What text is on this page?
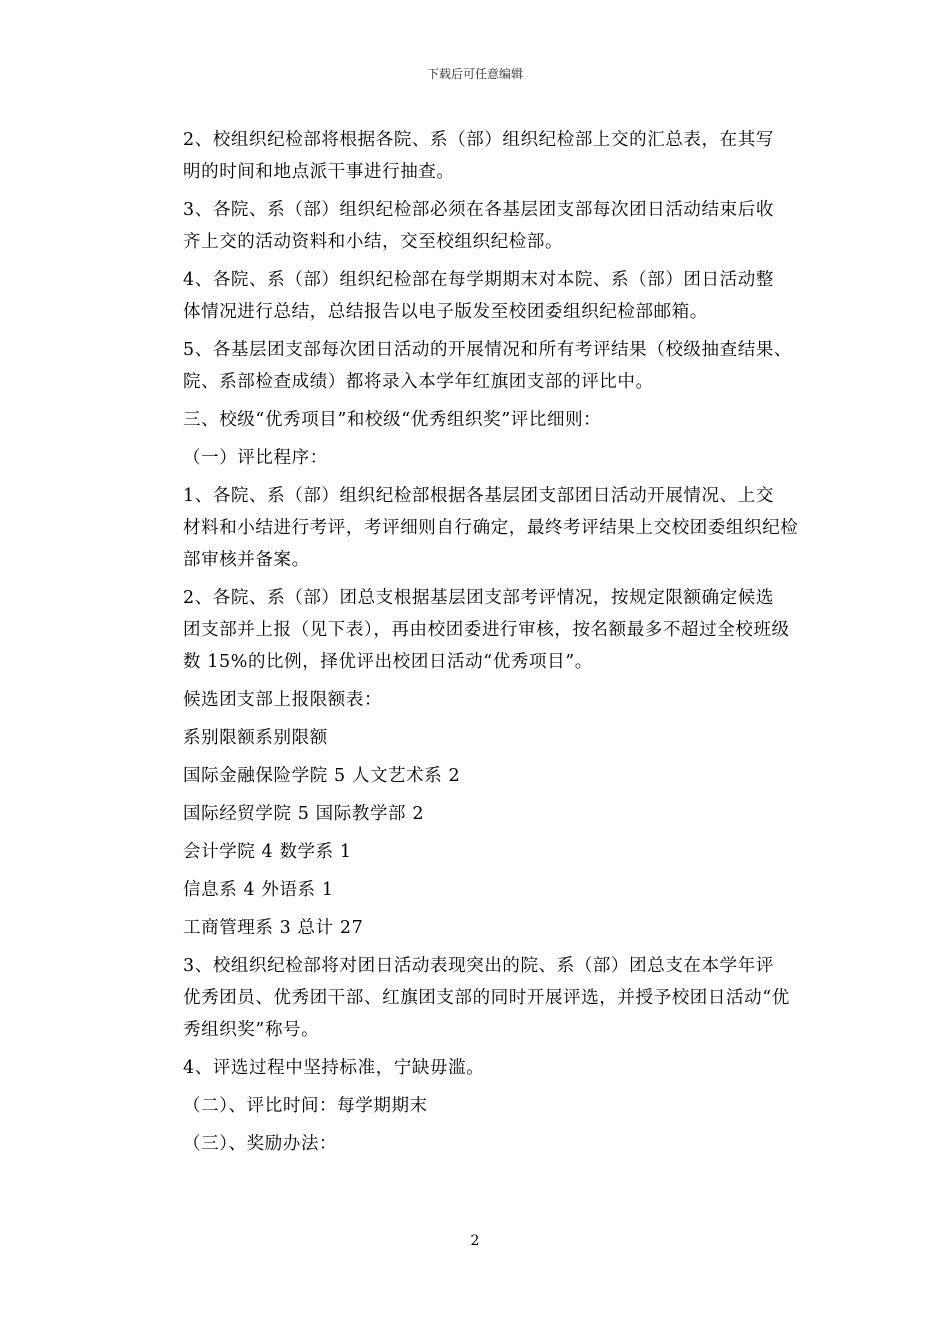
下载后可任意编辑

2、校组织纪检部将根据各院、系（部）组织纪检部上交的汇总表，在其写
明的时间和地点派干事进行抽查。

3、各院、系（部）组织纪检部必须在各基层团支部每次团日活动结束后收
齐上交的活动资料和小结，交至校组织纪检部。

4、各院、系（部）组织纪检部在每学期期末对本院、系（部）团日活动整
体情况进行总结，总结报告以电子版发至校团委组织纪检部邮箱。

5、各基层团支部每次团日活动的开展情况和所有考评结果（校级抽查结果、
院、系部检查成绩）都将录入本学年红旗团支部的评比中。

三、校级“优秀项目”和校级“优秀组织奖”评比细则：

（一）评比程序：

1、各院、系（部）组织纪检部根据各基层团支部团日活动开展情况、上交
材料和小结进行考评，考评细则自行确定，最终考评结果上交校团委组织纪检
部审核并备案。

2、各院、系（部）团总支根据基层团支部考评情况，按规定限额确定候选
团支部并上报（见下表），再由校团委进行审核，按名额最多不超过全校班级
数 15%的比例，择优评出校团日活动“优秀项目”。

候选团支部上报限额表：

系别限额系别限额

国际金融保险学院 5 人文艺术系 2

国际经贸学院 5 国际教学部 2

会计学院 4 数学系 1

信息系 4 外语系 1

工商管理系 3 总计 27

3、校组织纪检部将对团日活动表现突出的院、系（部）团总支在本学年评
优秀团员、优秀团干部、红旗团支部的同时开展评选，并授予校团日活动“优
秀组织奖”称号。

4、评选过程中坚持标准，宁缺毋滥。

（二）、评比时间：每学期期末

（三）、奖励办法：

2
